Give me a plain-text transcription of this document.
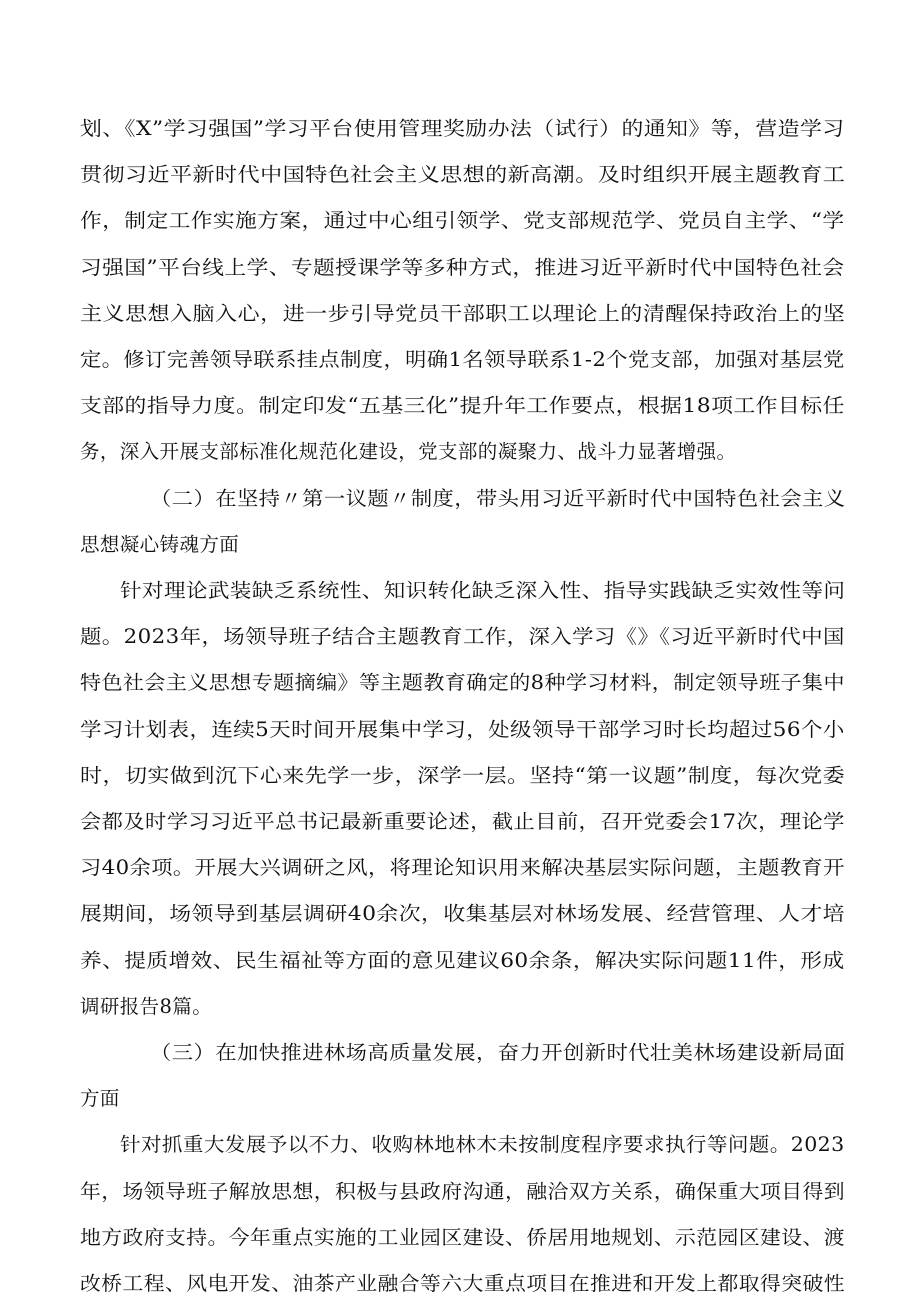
划、《X”学习强国”学习平台使用管理奖励办法（试行）的通知》等，营造学习
贯彻习近平新时代中国特色社会主义思想的新高潮。及时组织开展主题教育工
作，制定工作实施方案，通过中心组引领学、党支部规范学、党员自主学、“学
习强国”平台线上学、专题授课学等多种方式，推进习近平新时代中国特色社会
主义思想入脑入心，进一步引导党员干部职工以理论上的清醒保持政治上的坚
定。修订完善领导联系挂点制度，明确1名领导联系1-2个党支部，加强对基层党
支部的指导力度。制定印发“五基三化”提升年工作要点，根据18项工作目标任
务，深入开展支部标准化规范化建设，党支部的凝聚力、战斗力显著增强。
（二）在坚持〃第一议题〃制度，带头用习近平新时代中国特色社会主义
思想凝心铸魂方面
针对理论武装缺乏系统性、知识转化缺乏深入性、指导实践缺乏实效性等问
题。2023年，场领导班子结合主题教育工作，深入学习《》《习近平新时代中国
特色社会主义思想专题摘编》等主题教育确定的8种学习材料，制定领导班子集中
学习计划表，连续5天时间开展集中学习，处级领导干部学习时长均超过56个小
时，切实做到沉下心来先学一步，深学一层。坚持“第一议题”制度，每次党委
会都及时学习习近平总书记最新重要论述，截止目前，召开党委会17次，理论学
习40余项。开展大兴调研之风，将理论知识用来解决基层实际问题，主题教育开
展期间，场领导到基层调研40余次，收集基层对林场发展、经营管理、人才培
养、提质增效、民生福祉等方面的意见建议60余条，解决实际问题11件，形成
调研报告8篇。
（三）在加快推进林场高质量发展，奋力开创新时代壮美林场建设新局面
方面
针对抓重大发展予以不力、收购林地林木未按制度程序要求执行等问题。2023
年，场领导班子解放思想，积极与县政府沟通，融洽双方关系，确保重大项目得到
地方政府支持。今年重点实施的工业园区建设、侨居用地规划、示范园区建设、渡
改桥工程、风电开发、油茶产业融合等六大重点项目在推进和开发上都取得突破性
